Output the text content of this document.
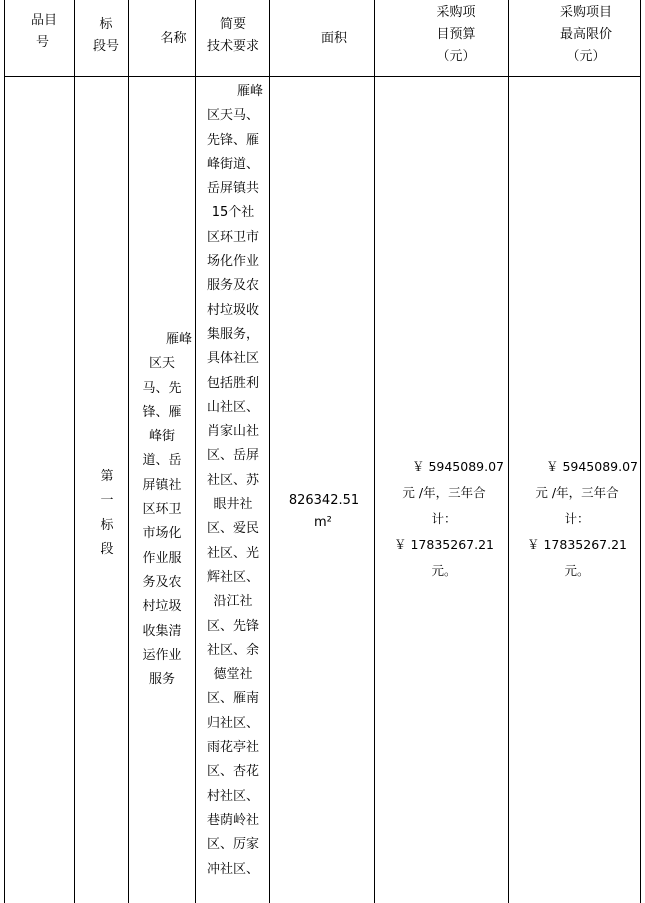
品目
号
标
段号
名称
简要
技术要求
面积
采购项
目预算
（元）
采购项目
最高限价
（元）
第
一
标
段
雁峰
区天
马、先
锋、雁
峰街
道、岳
屏镇社
区环卫
市场化
作业服
务及农
村垃圾
收集清
运作业
服务
雁峰
区天马、
先锋、雁
峰街道、
岳屏镇共
15个社
区环卫市
场化作业
服务及农
村垃圾收
集服务，
具体社区
包括胜利
山社区、
肖家山社
区、岳屏
社区、苏
眼井社
区、爱民
社区、光
辉社区、
沿江社
区、先锋
社区、余
德堂社
区、雁南
归社区、
雨花亭社
区、杏花
村社区、
巷荫岭社
区、厉家
冲社区、
826342.51
m²
￥ 5945089.07
元 /年，三年合
计：
￥ 17835267.21
元。
￥ 5945089.07
元 /年，三年合
计：
￥ 17835267.21
元。
